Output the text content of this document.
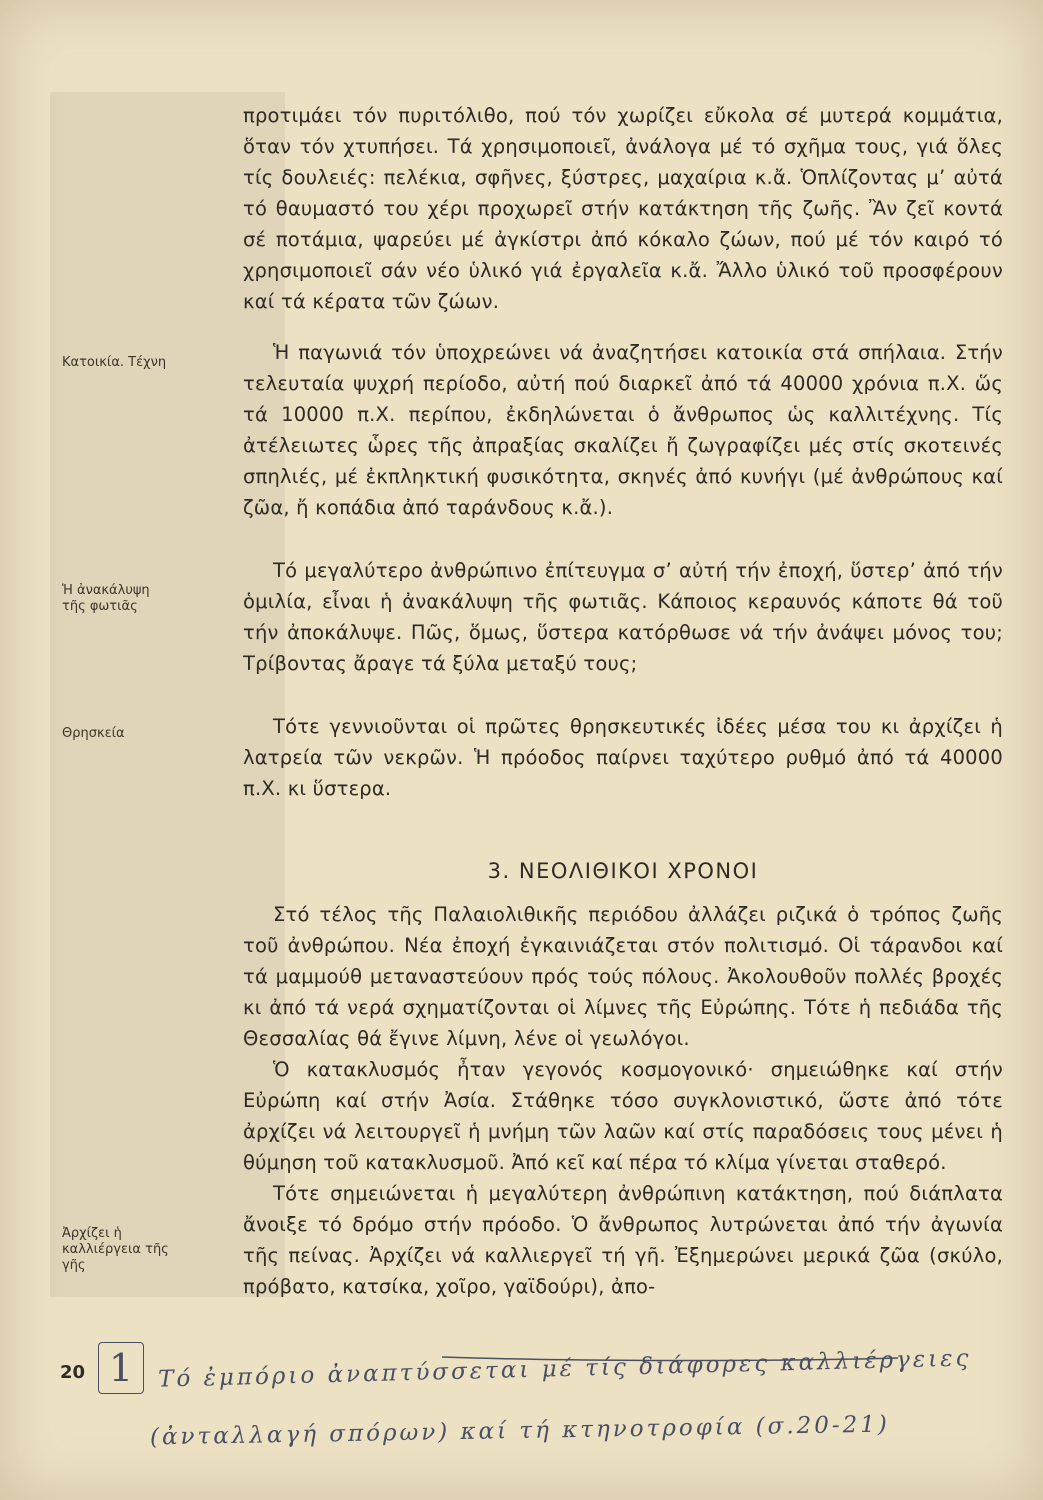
προτιμάει τόν πυριτόλιθο, πού τόν χωρίζει εὔκολα σέ μυτερά κομμάτια, ὅταν τόν χτυπήσει. Τά χρησιμοποιεῖ, ἀνάλογα μέ τό σχῆμα τους, γιά ὅλες τίς δουλειές: πελέκια, σφῆνες, ξύστρες, μαχαίρια κ.ἄ. Ὁπλίζοντας μ’ αὐτά τό θαυμαστό του χέρι προχωρεῖ στήν κατάκτηση τῆς ζωῆς. Ἂν ζεῖ κοντά σέ ποτάμια, ψαρεύει μέ ἀγκίστρι ἀπό κόκαλο ζώων, πού μέ τόν καιρό τό χρησιμοποιεῖ σάν νέο ὑλικό γιά ἐργαλεῖα κ.ἄ. Ἄλλο ὑλικό τοῦ προσφέρουν καί τά κέρατα τῶν ζώων.

Ἡ παγωνιά τόν ὑποχρεώνει νά ἀναζητήσει κατοικία στά σπήλαια. Στήν τελευταία ψυχρή περίοδο, αὐτή πού διαρκεῖ ἀπό τά 40000 χρόνια π.Χ. ὥς τά 10000 π.Χ. περίπου, ἐκδηλώνεται ὁ ἄνθρωπος ὡς καλλιτέχνης. Τίς ἀτέλειωτες ὧρες τῆς ἀπραξίας σκαλίζει ἤ ζωγραφίζει μές στίς σκοτεινές σπηλιές, μέ ἐκπληκτική φυσικότητα, σκηνές ἀπό κυνήγι (μέ ἀνθρώπους καί ζῶα, ἤ κοπάδια ἀπό ταράνδους κ.ἄ.).

Τό μεγαλύτερο ἀνθρώπινο ἐπίτευγμα σ’ αὐτή τήν ἐποχή, ὕστερ’ ἀπό τήν ὁμιλία, εἶναι ἡ ἀνακάλυψη τῆς φωτιᾶς. Κάποιος κεραυνός κάποτε θά τοῦ τήν ἀποκάλυψε. Πῶς, ὅμως, ὕστερα κατόρθωσε νά τήν ἀνάψει μόνος του; Τρίβοντας ἄραγε τά ξύλα μεταξύ τους;

Τότε γεννιοῦνται οἱ πρῶτες θρησκευτικές ἰδέες μέσα του κι ἀρχίζει ἡ λατρεία τῶν νεκρῶν. Ἡ πρόοδος παίρνει ταχύτερο ρυθμό ἀπό τά 40000 π.Χ. κι ὕστερα.

3. ΝΕΟΛΙΘΙΚΟΙ ΧΡΟΝΟΙ

Στό τέλος τῆς Παλαιολιθικῆς περιόδου ἀλλάζει ριζικά ὁ τρόπος ζωῆς τοῦ ἀνθρώπου. Νέα ἐποχή ἐγκαινιάζεται στόν πολιτισμό. Οἱ τάρανδοι καί τά μαμμούθ μεταναστεύουν πρός τούς πόλους. Ἀκολουθοῦν πολλές βροχές κι ἀπό τά νερά σχηματίζονται οἱ λίμνες τῆς Εὐρώπης. Τότε ἡ πεδιάδα τῆς Θεσσαλίας θά ἔγινε λίμνη, λένε οἱ γεωλόγοι.

Ὁ κατακλυσμός ἦταν γεγονός κοσμογονικό· σημειώθηκε καί στήν Εὐρώπη καί στήν Ἀσία. Στάθηκε τόσο συγκλονιστικό, ὥστε ἀπό τότε ἀρχίζει νά λειτουργεῖ ἡ μνήμη τῶν λαῶν καί στίς παραδόσεις τους μένει ἡ θύμηση τοῦ κατακλυσμοῦ. Ἀπό κεῖ καί πέρα τό κλίμα γίνεται σταθερό.

Τότε σημειώνεται ἡ μεγαλύτερη ἀνθρώπινη κατάκτηση, πού διάπλατα ἄνοιξε τό δρόμο στήν πρόοδο. Ὁ ἄνθρωπος λυτρώνεται ἀπό τήν ἀγωνία τῆς πείνας. Ἀρχίζει νά καλλιεργεῖ τή γῆ. Ἐξημερώνει μερικά ζῶα (σκύλο, πρόβατο, κατσίκα, χοῖρο, γαϊδούρι), ἀπο-

Κατοικία. Τέχνη
Ἡ ἀνακάλυψη
τῆς φωτιᾶς
Θρησκεία
Ἀρχίζει ἡ
καλλιέργεια τῆς
γῆς
20 1	Τό ἐμπόριο ἀναπτύσσεται μέ τίς διάφορες καλλιέργειες
(ἀνταλλαγή σπόρων) καί τή κτηνοτροφία (σ.20-21)
